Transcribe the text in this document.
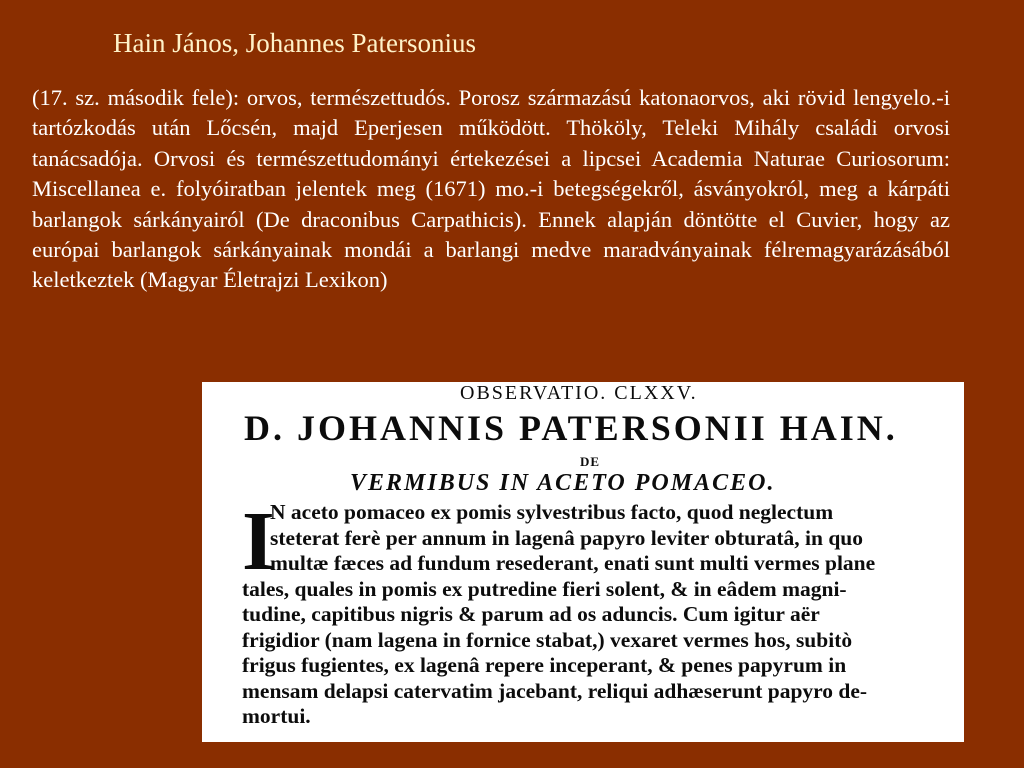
Hain János, Johannes Patersonius

(17. sz. második fele): orvos, természettudós. Porosz származású katonaorvos, aki rövid lengyelo.-i tartózkodás után Lőcsén, majd Eperjesen működött. Thököly, Teleki Mihály családi orvosi tanácsadója. Orvosi és természettudományi értekezései a lipcsei Academia Naturae Curiosorum: Miscellanea e. folyóiratban jelentek meg (1671) mo.-i betegségekről, ásványokról, meg a kárpáti barlangok sárkányairól (De draconibus Carpathicis). Ennek alapján döntötte el Cuvier, hogy az európai barlangok sárkányainak mondái a barlangi medve maradványainak félremagyarázásából keletkeztek (Magyar Életrajzi Lexikon)

OBSERVATIO. CLXXV.
D. JOHANNIS PATERSONII HAIN.
DE
VERMIBUS IN ACETO POMACEO.
I
N aceto pomaceo ex pomis sylvestribus facto, quod neglectum
steterat ferè per annum in lagenâ papyro leviter obturatâ, in quo
multæ fæces ad fundum resederant, enati sunt multi vermes plane
tales, quales in pomis ex putredine fieri solent, & in eâdem magni-
tudine, capitibus nigris & parum ad os aduncis. Cum igitur aër
frigidior (nam lagena in fornice stabat,) vexaret vermes hos, subitò
frigus fugientes, ex lagenâ repere inceperant, & penes papyrum in
mensam delapsi catervatim jacebant, reliqui adhæserunt papyro de-
mortui.
